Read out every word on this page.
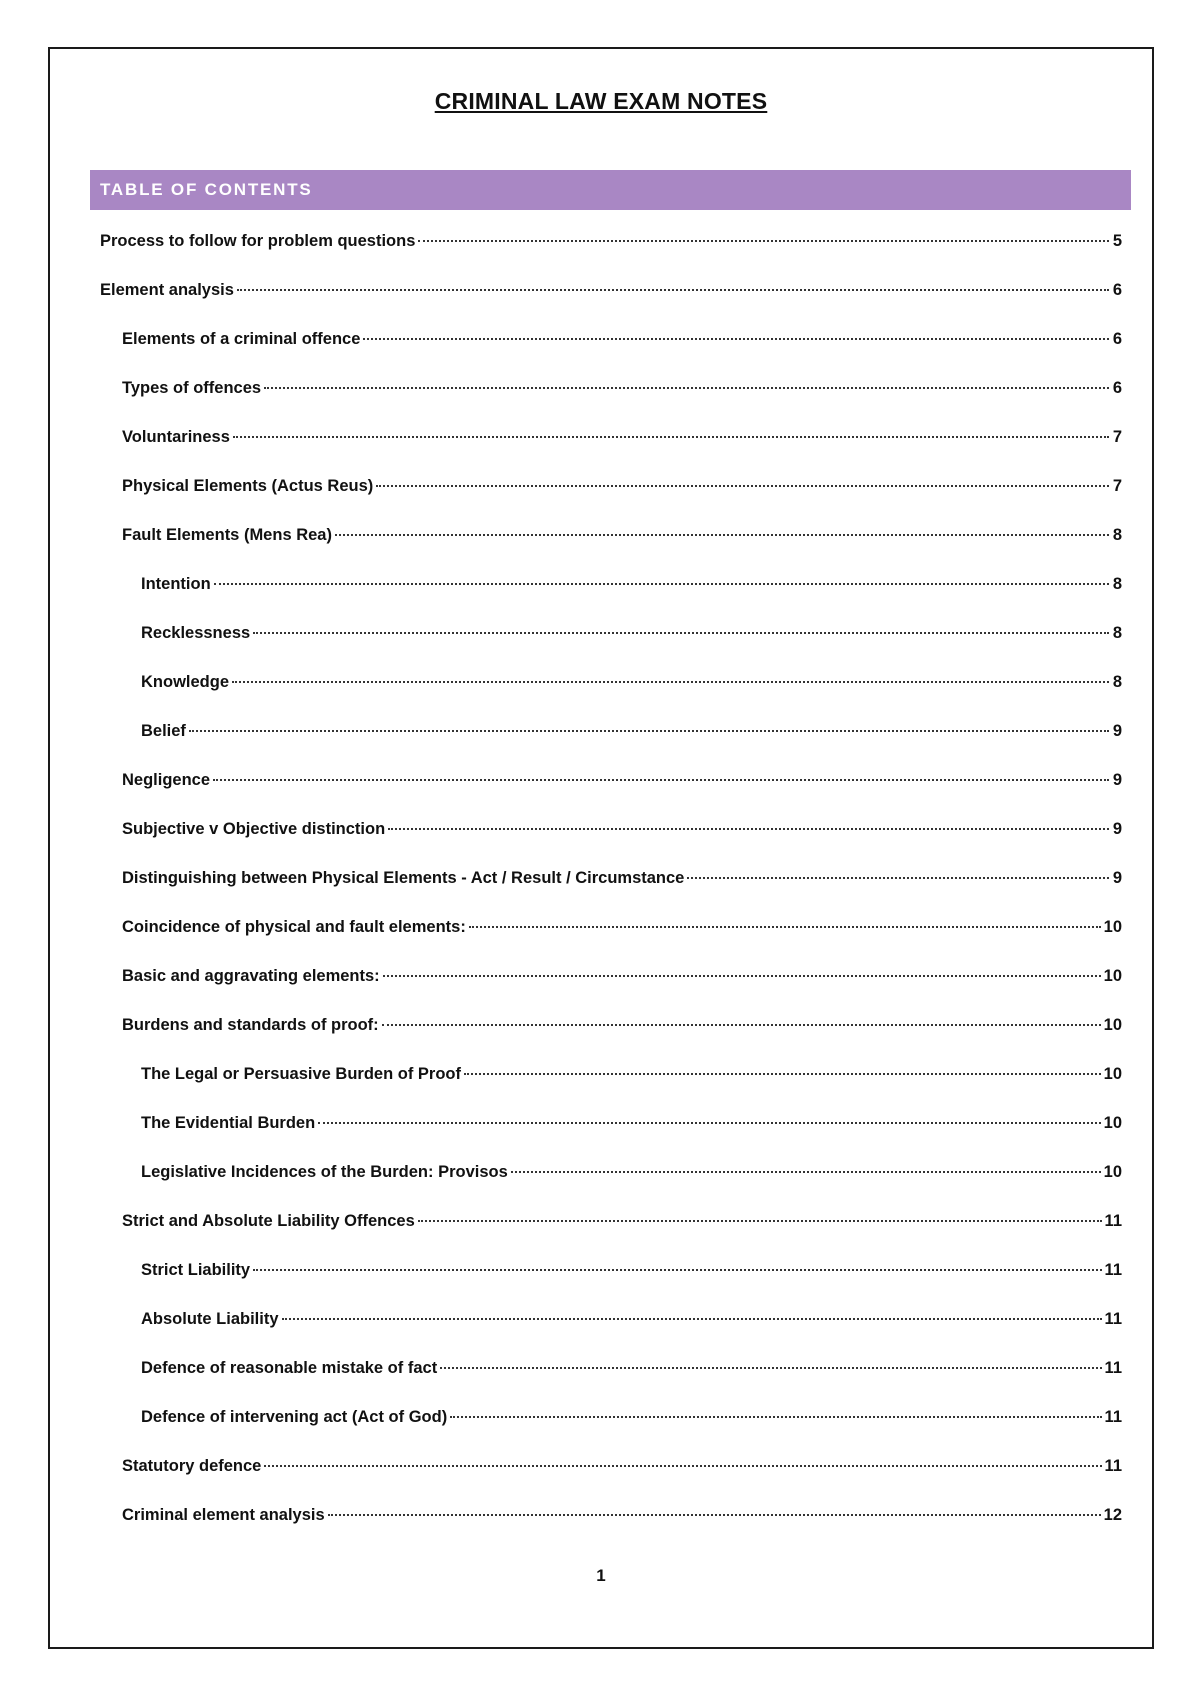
CRIMINAL LAW EXAM NOTES
TABLE OF CONTENTS
Process to follow for problem questions	5
Element analysis	6
Elements of a criminal offence	6
Types of offences	6
Voluntariness	7
Physical Elements (Actus Reus)	7
Fault Elements (Mens Rea)	8
Intention	8
Recklessness	8
Knowledge	8
Belief	9
Negligence	9
Subjective v Objective distinction	9
Distinguishing between Physical Elements - Act / Result / Circumstance	9
Coincidence of physical and fault elements:	10
Basic and aggravating elements:	10
Burdens and standards of proof:	10
The Legal or Persuasive Burden of Proof	10
The Evidential Burden	10
Legislative Incidences of the Burden: Provisos	10
Strict and Absolute Liability Offences	11
Strict Liability	11
Absolute Liability	11
Defence of reasonable mistake of fact	11
Defence of intervening act (Act of God)	11
Statutory defence	11
Criminal element analysis	12
1
